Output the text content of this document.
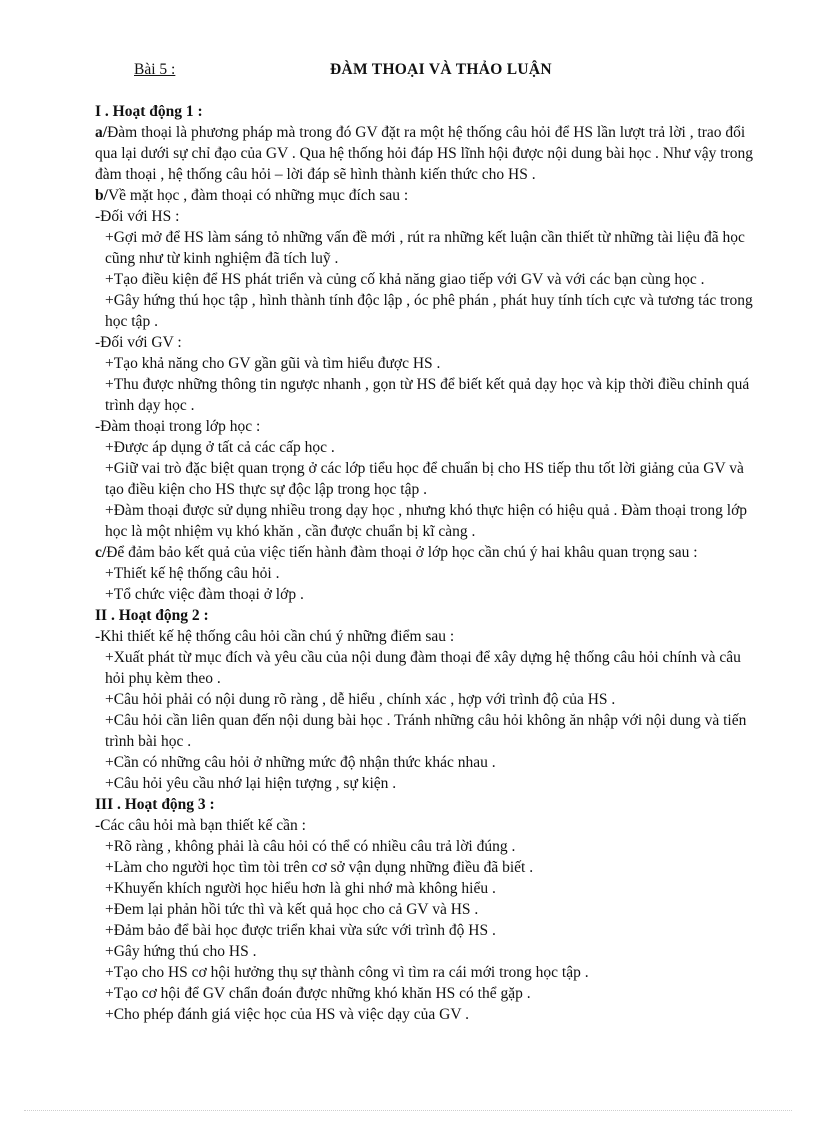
Bài 5 :	ĐÀM THOẠI VÀ THẢO LUẬN
I . Hoạt động 1 :
a/Đàm thoại là phương pháp mà trong đó GV đặt ra một hệ thống câu hỏi để HS lần lượt trả lời , trao đổi qua lại dưới sự chỉ đạo của GV . Qua hệ thống hỏi đáp HS lĩnh hội được nội dung bài học . Như vậy trong đàm thoại , hệ thống câu hỏi – lời đáp sẽ hình thành kiến thức cho HS .
b/Về mặt học , đàm thoại có những mục đích sau :
-Đối với HS :
+Gợi mở để HS làm sáng tỏ những vấn đề mới , rút ra những kết luận cần thiết từ những tài liệu đã học cũng như từ kinh nghiệm đã tích luỹ .
+Tạo điều kiện để HS phát triển và củng cố khả năng giao tiếp với GV và với các bạn cùng học .
+Gây hứng thú học tập , hình thành tính độc lập , óc phê phán , phát huy tính tích cực và tương tác trong học tập .
-Đối với GV :
+Tạo khả năng cho GV gần gũi và tìm hiểu được HS .
+Thu được những thông tin ngược nhanh , gọn từ HS để biết kết quả dạy học và kịp thời điều chỉnh quá trình dạy học .
-Đàm thoại trong lớp học :
+Được áp dụng ở tất cả các cấp học .
+Giữ vai trò đặc biệt quan trọng ở các lớp tiểu học để chuẩn bị cho HS tiếp thu tốt lời giảng của GV và tạo điều kiện cho HS thực sự độc lập trong học tập .
+Đàm thoại được sử dụng nhiều trong dạy học , nhưng khó thực hiện có hiệu quả . Đàm thoại trong lớp học là một nhiệm vụ khó khăn , cần được chuẩn bị kĩ càng .
c/Để đảm bảo kết quả của việc tiến hành đàm thoại ở lớp học cần chú ý hai khâu quan trọng sau :
+Thiết kế hệ thống câu hỏi .
+Tổ chức việc đàm thoại ở lớp .
II . Hoạt động 2 :
-Khi thiết kế hệ thống câu hỏi cần chú ý những điểm sau :
+Xuất phát từ mục đích và yêu cầu của nội dung đàm thoại để xây dựng hệ thống câu hỏi chính và câu hỏi phụ kèm theo .
+Câu hỏi phải có nội dung rõ ràng , dễ hiểu , chính xác , hợp với trình độ của HS .
+Câu hỏi cần liên quan đến nội dung bài học . Tránh những câu hỏi không ăn nhập với nội dung và tiến trình bài học .
+Cần có những câu hỏi ở những mức độ nhận thức khác nhau .
+Câu hỏi yêu cầu nhớ lại hiện tượng , sự kiện .
III . Hoạt động 3 :
-Các câu hỏi mà bạn thiết kế cần :
+Rõ ràng , không phải là câu hỏi có thể có nhiều câu trả lời đúng .
+Làm cho người học tìm tòi trên cơ sở vận dụng những điều đã biết .
+Khuyến khích người học hiểu hơn là ghi nhớ mà không hiểu .
+Đem lại phản hồi tức thì và kết quả học cho cả GV và HS .
+Đảm bảo để bài học được triển khai vừa sức với trình độ HS .
+Gây hứng thú cho HS .
+Tạo cho HS cơ hội hưởng thụ sự thành công vì tìm ra cái mới trong học tập .
+Tạo cơ hội để GV chẩn đoán được những khó khăn HS có thể gặp .
+Cho phép đánh giá việc học của HS và việc dạy của GV .
